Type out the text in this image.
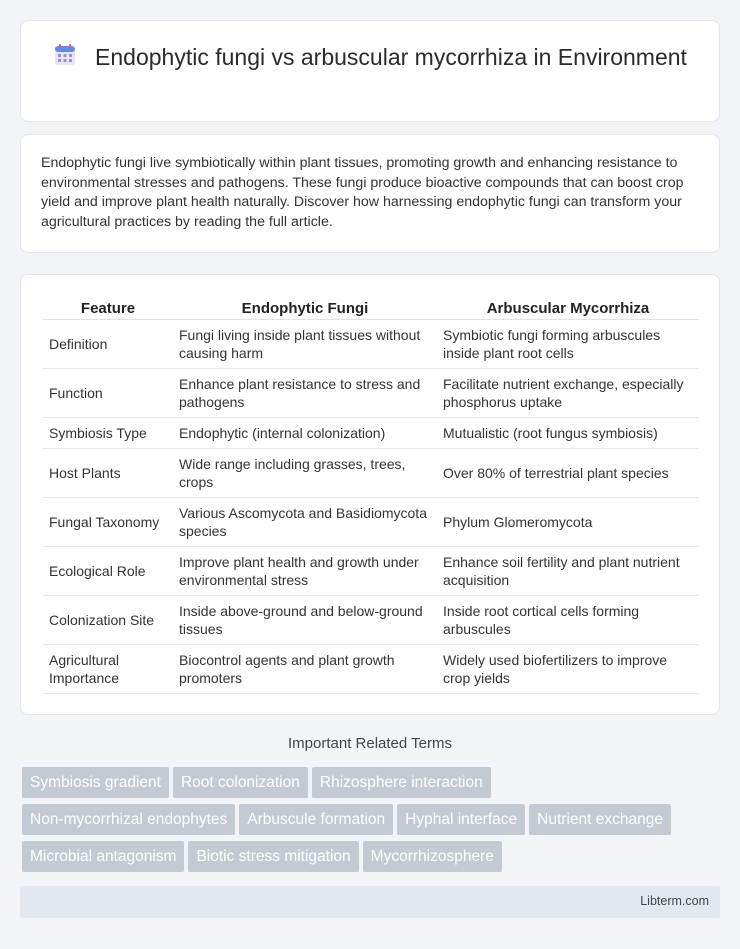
Endophytic fungi vs arbuscular mycorrhiza in Environment

Endophytic fungi live symbiotically within plant tissues, promoting growth and enhancing resistance to environmental stresses and pathogens. These fungi produce bioactive compounds that can boost crop yield and improve plant health naturally. Discover how harnessing endophytic fungi can transform your agricultural practices by reading the full article.

Feature	Endophytic Fungi	Arbuscular Mycorrhiza
Definition	Fungi living inside plant tissues without causing harm	Symbiotic fungi forming arbuscules inside plant root cells
Function	Enhance plant resistance to stress and pathogens	Facilitate nutrient exchange, especially phosphorus uptake
Symbiosis Type	Endophytic (internal colonization)	Mutualistic (root fungus symbiosis)
Host Plants	Wide range including grasses, trees, crops	Over 80% of terrestrial plant species
Fungal Taxonomy	Various Ascomycota and Basidiomycota species	Phylum Glomeromycota
Ecological Role	Improve plant health and growth under environmental stress	Enhance soil fertility and plant nutrient acquisition
Colonization Site	Inside above-ground and below-ground tissues	Inside root cortical cells forming arbuscules
Agricultural Importance	Biocontrol agents and plant growth promoters	Widely used biofertilizers to improve crop yields
Important Related Terms
Symbiosis gradient Root colonization Rhizosphere interaction
Non-mycorrhizal endophytes Arbuscule formation Hyphal interface Nutrient exchange
Microbial antagonism Biotic stress mitigation Mycorrhizosphere
Libterm.com
